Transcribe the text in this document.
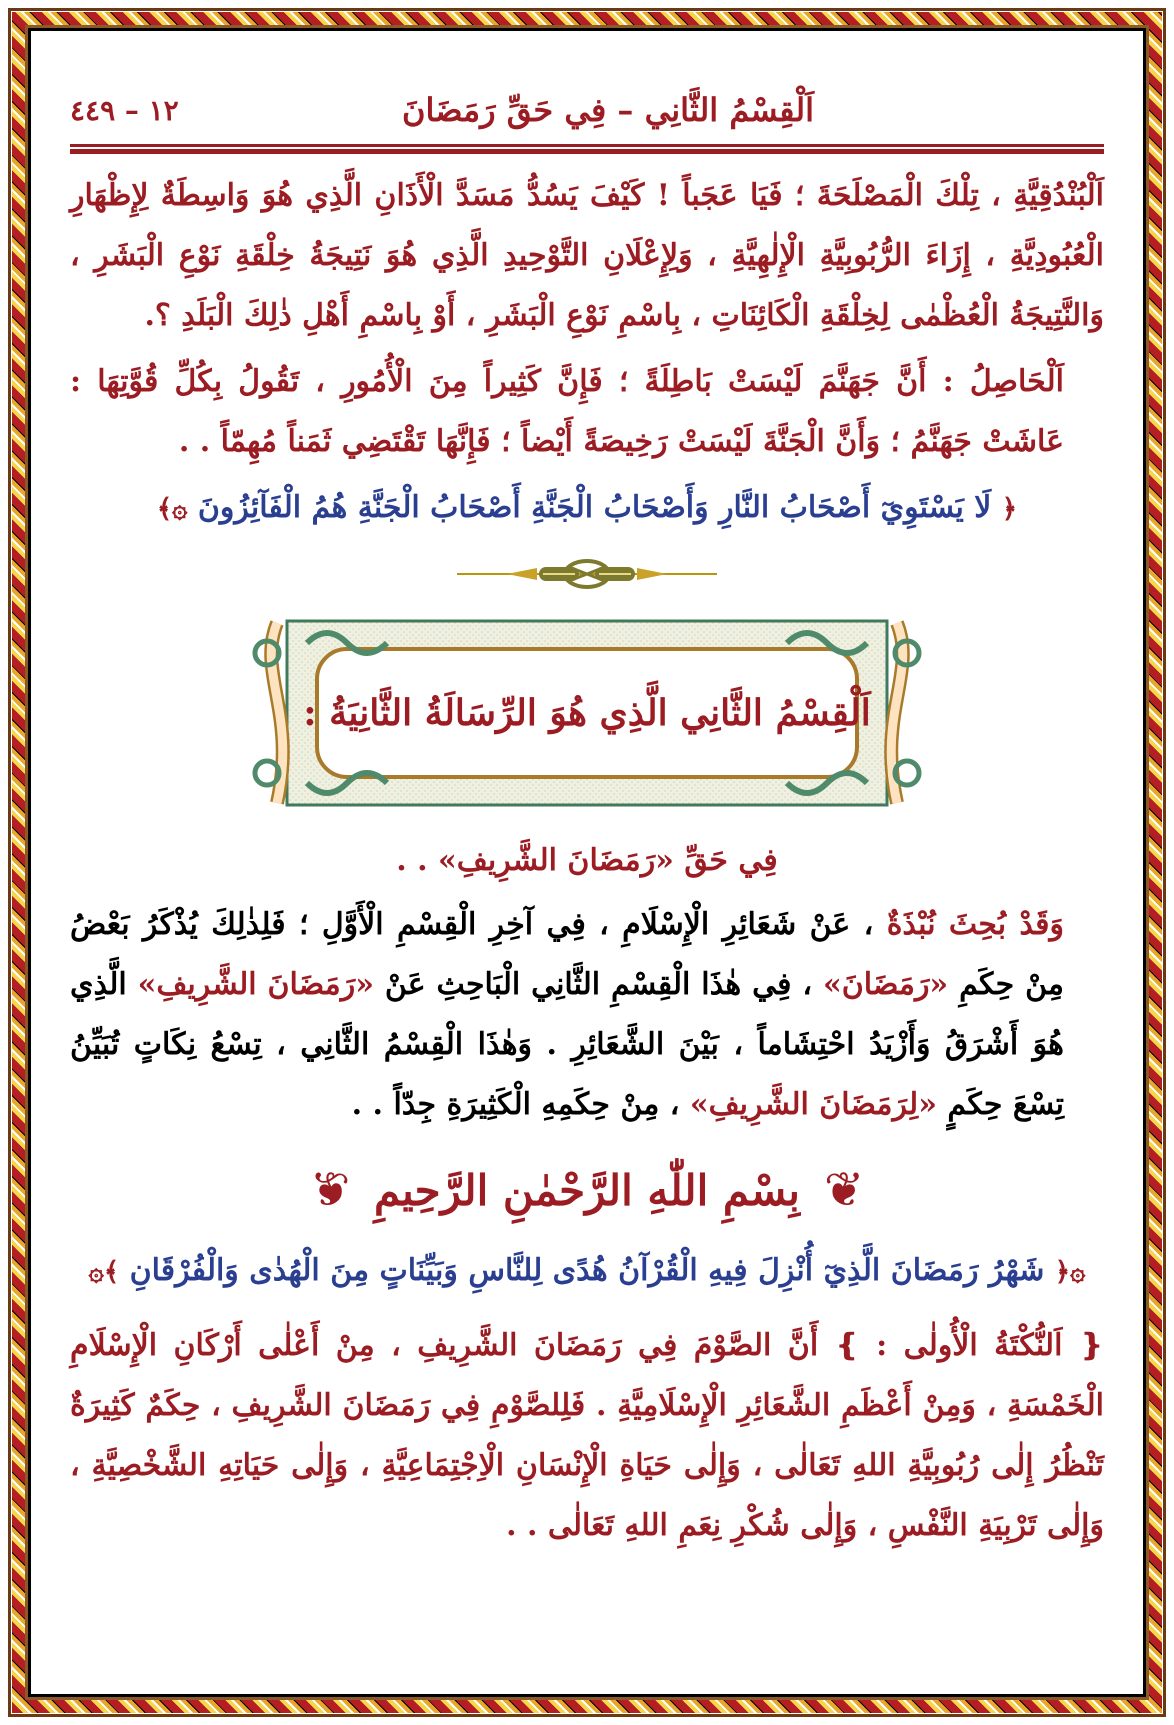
اَلْقِسْمُ الثَّانِي – فِي حَقِّ رَمَضَانَ
١٢ – ٤٤٩

اَلْبُنْدُقِيَّةِ ، تِلْكَ الْمَصْلَحَةَ ؛ فَيَا عَجَباً ! كَيْفَ يَسُدُّ مَسَدَّ الْأَذَانِ الَّذِي هُوَ وَاسِطَةٌ لِإِظْهَارِ الْعُبُودِيَّةِ ، إِزَاءَ الرُّبُوبِيَّةِ الْإِلٰهِيَّةِ ، وَلِإِعْلَانِ التَّوْحِيدِ الَّذِي هُوَ نَتِيجَةُ خِلْقَةِ نَوْعِ الْبَشَرِ ، وَالنَّتِيجَةُ الْعُظْمٰى لِخِلْقَةِ الْكَائِنَاتِ ، بِاسْمِ نَوْعِ الْبَشَرِ ، أَوْ بِاسْمِ أَهْلِ ذٰلِكَ الْبَلَدِ ؟.

اَلْحَاصِلُ : أَنَّ جَهَنَّمَ لَيْسَتْ بَاطِلَةً ؛ فَإِنَّ كَثِيراً مِنَ الْأُمُورِ ، تَقُولُ بِكُلِّ قُوَّتِهَا : عَاشَتْ جَهَنَّمُ ؛ وَأَنَّ الْجَنَّةَ لَيْسَتْ رَخِيصَةً أَيْضاً ؛ فَإِنَّهَا تَقْتَضِي ثَمَناً مُهِمّاً . .

﴿ لَا يَسْتَوِيٓ أَصْحَابُ النَّارِ وَأَصْحَابُ الْجَنَّةِ أَصْحَابُ الْجَنَّةِ هُمُ الْفَآئِزُونَ ۞﴾
اَلْقِسْمُ الثَّانِي الَّذِي هُوَ الرِّسَالَةُ الثَّانِيَةُ :
فِي حَقِّ «رَمَضَانَ الشَّرِيفِ» . .

وَقَدْ بُحِثَ نُبْذَةٌ ، عَنْ شَعَائِرِ الْإِسْلَامِ ، فِي آخِرِ الْقِسْمِ الْأَوَّلِ ؛ فَلِذٰلِكَ يُذْكَرُ بَعْضُ مِنْ حِكَمِ «رَمَضَانَ» ، فِي هٰذَا الْقِسْمِ الثَّانِي الْبَاحِثِ عَنْ «رَمَضَانَ الشَّرِيفِ» الَّذِي هُوَ أَشْرَقُ وَأَزْيَدُ احْتِشَاماً ، بَيْنَ الشَّعَائِرِ . وَهٰذَا الْقِسْمُ الثَّانِي ، تِسْعُ نِكَاتٍ تُبَيِّنُ تِسْعَ حِكَمٍ «لِرَمَضَانَ الشَّرِيفِ» ، مِنْ حِكَمِهِ الْكَثِيرَةِ جِدّاً . .

❦
بِسْمِ اللّٰهِ الرَّحْمٰنِ الرَّحِيمِ
❦
۞﴿ شَهْرُ رَمَضَانَ الَّذِيٓ أُنْزِلَ فِيهِ الْقُرْآنُ هُدًى لِلنَّاسِ وَبَيِّنَاتٍ مِنَ الْهُدٰى وَالْفُرْقَانِ ﴾۞

❴ اَلنُّكْتَةُ الْأُولٰى : ❵ أَنَّ الصَّوْمَ فِي رَمَضَانَ الشَّرِيفِ ، مِنْ أَعْلٰى أَرْكَانِ الْإِسْلَامِ الْخَمْسَةِ ، وَمِنْ أَعْظَمِ الشَّعَائِرِ الْإِسْلَامِيَّةِ . فَلِلصَّوْمِ فِي رَمَضَانَ الشَّرِيفِ ، حِكَمٌ كَثِيرَةٌ تَنْظُرُ إِلٰى رُبُوبِيَّةِ اللهِ تَعَالٰى ، وَإِلٰى حَيَاةِ الْإِنْسَانِ الْاِجْتِمَاعِيَّةِ ، وَإِلٰى حَيَاتِهِ الشَّخْصِيَّةِ ، وَإِلٰى تَرْبِيَةِ النَّفْسِ ، وَإِلٰى شُكْرِ نِعَمِ اللهِ تَعَالٰى . .
